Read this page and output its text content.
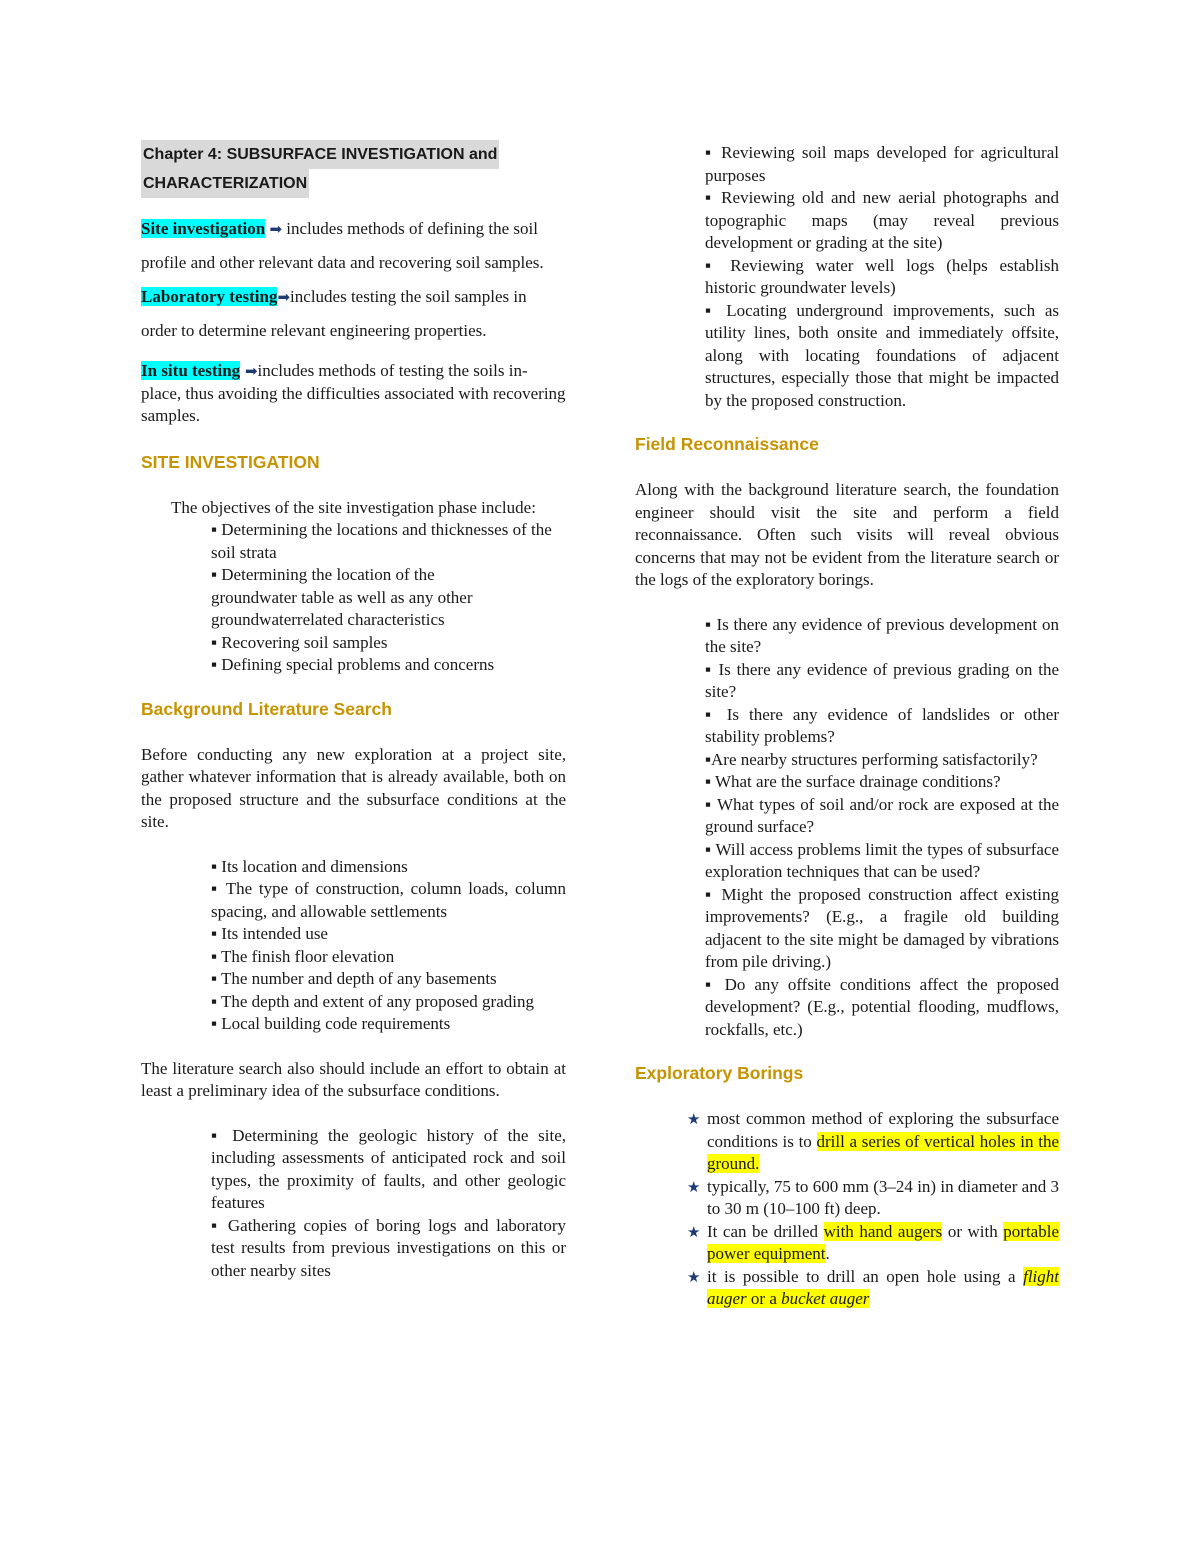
Chapter 4: SUBSURFACE INVESTIGATION and
CHARACTERIZATION

Site investigation ➡ includes methods of defining the soil profile and other relevant data and recovering soil samples.

Laboratory testing➡includes testing the soil samples in order to determine relevant engineering properties.

In situ testing ➡includes methods of testing the soils in- place, thus avoiding the difficulties associated with recovering samples.

SITE INVESTIGATION

The objectives of the site investigation phase include:

▪ Determining the locations and thicknesses of the soil strata

▪ Determining the location of the groundwater table as well as any other groundwaterrelated characteristics

▪ Recovering soil samples

▪ Defining special problems and concerns

Background Literature Search

Before conducting any new exploration at a project site, gather whatever information that is already available, both on the proposed structure and the subsurface conditions at the site.

▪ Its location and dimensions

▪ The type of construction, column loads, column spacing, and allowable settlements

▪ Its intended use

▪ The finish floor elevation

▪ The number and depth of any basements

▪ The depth and extent of any proposed grading

▪ Local building code requirements

The literature search also should include an effort to obtain at least a preliminary idea of the subsurface conditions.

▪ Determining the geologic history of the site, including assessments of anticipated rock and soil types, the proximity of faults, and other geologic features

▪ Gathering copies of boring logs and laboratory test results from previous investigations on this or other nearby sites

▪ Reviewing soil maps developed for agricultural purposes

▪ Reviewing old and new aerial photographs and topographic maps (may reveal previous development or grading at the site)

▪ Reviewing water well logs (helps establish historic groundwater levels)

▪ Locating underground improvements, such as utility lines, both onsite and immediately offsite, along with locating foundations of adjacent structures, especially those that might be impacted by the proposed construction.

Field Reconnaissance

Along with the background literature search, the foundation engineer should visit the site and perform a field reconnaissance. Often such visits will reveal obvious concerns that may not be evident from the literature search or the logs of the exploratory borings.

▪ Is there any evidence of previous development on the site?

▪ Is there any evidence of previous grading on the site?

▪ Is there any evidence of landslides or other stability problems?

▪Are nearby structures performing satisfactorily?

▪ What are the surface drainage conditions?

▪ What types of soil and/or rock are exposed at the ground surface?

▪ Will access problems limit the types of subsurface exploration techniques that can be used?

▪ Might the proposed construction affect existing improvements? (E.g., a fragile old building adjacent to the site might be damaged by vibrations from pile driving.)

▪ Do any offsite conditions affect the proposed development? (E.g., potential flooding, mudflows, rockfalls, etc.)

Exploratory Borings

★ most common method of exploring the subsurface conditions is to drill a series of vertical holes in the ground.
★ typically, 75 to 600 mm (3–24 in) in diameter and 3 to 30 m (10–100 ft) deep.
★ It can be drilled with hand augers or with portable power equipment.
★ it is possible to drill an open hole using a flight auger or a bucket auger
